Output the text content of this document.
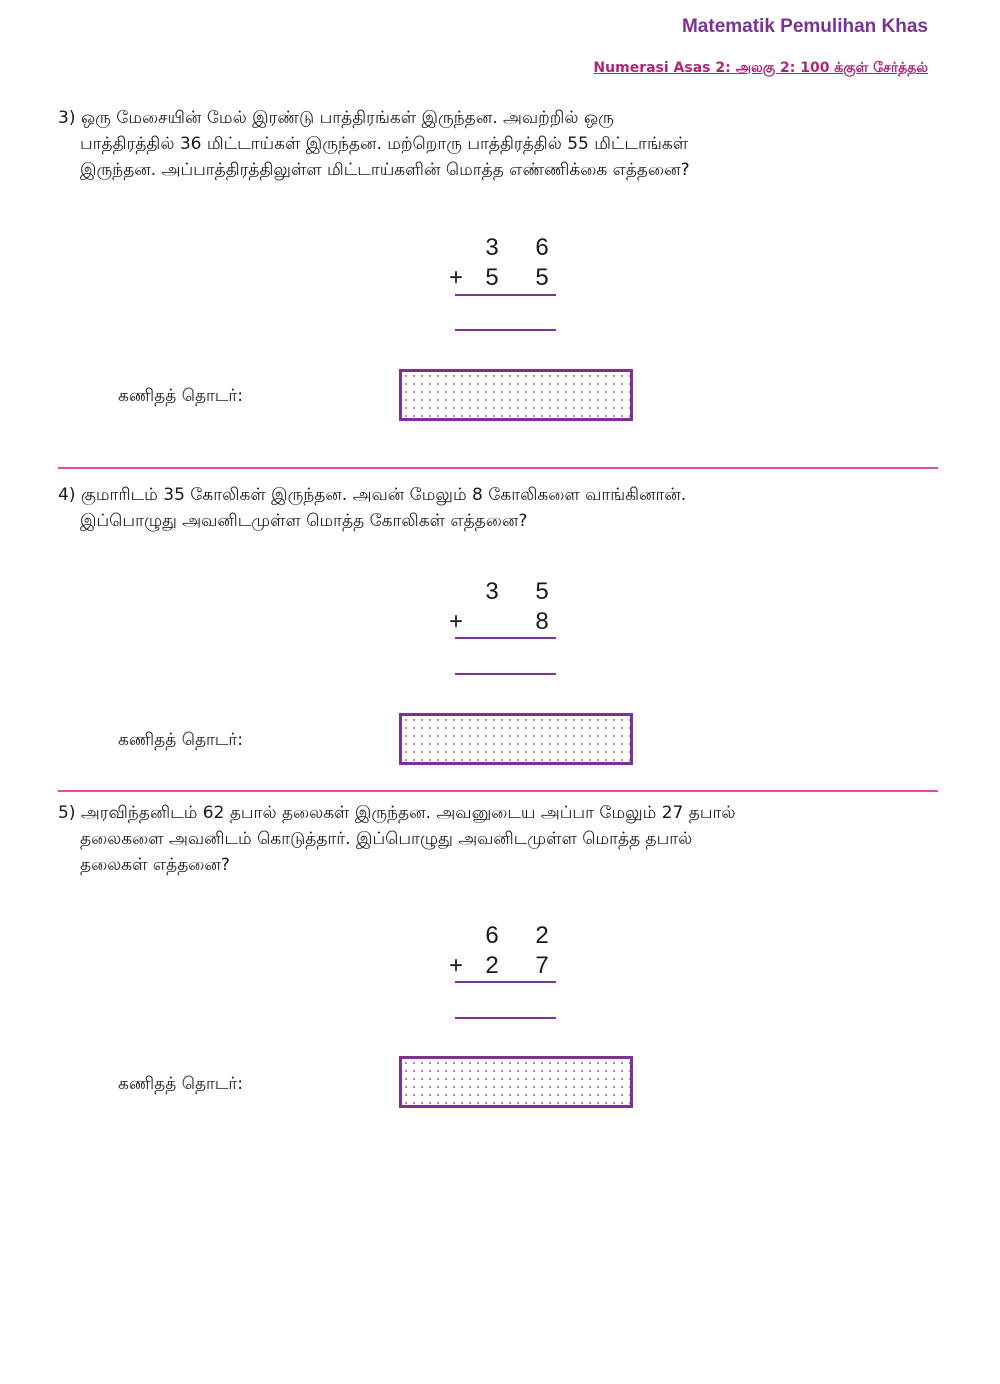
Matematik Pemulihan Khas
Numerasi Asas 2: அலகு 2: 100 க்குள் சேர்த்தல்
3) ஒரு மேசையின் மேல் இரண்டு பாத்திரங்கள் இருந்தன. அவற்றில் ஒரு
பாத்திரத்தில் 36 மிட்டாய்கள் இருந்தன. மற்றொரு பாத்திரத்தில் 55 மிட்டாங்கள்
இருந்தன. அப்பாத்திரத்திலுள்ள மிட்டாய்களின் மொத்த எண்ணிக்கை எத்தனை?
3 6
+ 5 5
கணிதத் தொடர்:
4) குமாரிடம் 35 கோலிகள் இருந்தன. அவன் மேலும் 8 கோலிகளை வாங்கினான்.
இப்பொழுது அவனிடமுள்ள மொத்த கோலிகள் எத்தனை?
3 5
+	8
கணிதத் தொடர்:
5) அரவிந்தனிடம் 62 தபால் தலைகள் இருந்தன. அவனுடைய அப்பா மேலும் 27 தபால்
தலைகளை அவனிடம் கொடுத்தார். இப்பொழுது அவனிடமுள்ள மொத்த தபால்
தலைகள் எத்தனை?
6 2
+ 2 7
கணிதத் தொடர்:
